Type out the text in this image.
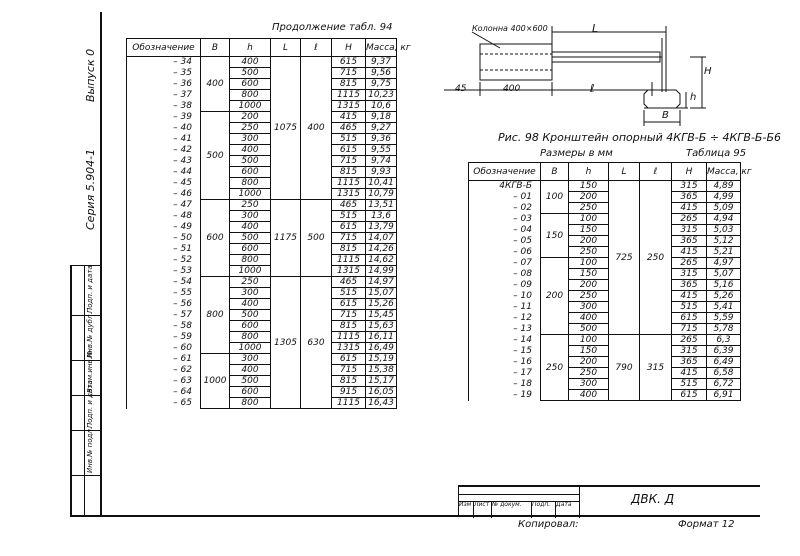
Подп. и дата
Инв.№ дубл.
Взам.инв.№
Подп. и дата
Инв.№ подл.
Серия 5.904-1
Выпуск 0
Продолжение табл. 94
Обозначение	В	h	L	ℓ	Н	Масса, кг
– 34	400	400	1075	400	615	9,37
– 35		500			715	9,56
– 36		600			815	9,75
– 37		800			1115	10,23
– 38		1000			1315	10,6
– 39	500	200			415	9,18
– 40		250			465	9,27
– 41		300			515	9,36
– 42		400			615	9,55
– 43		500			715	9,74
– 44		600			815	9,93
– 45		800			1115	10,41
– 46		1000			1315	10,79
– 47	600	250	1175	500	465	13,51
– 48		300			515	13,6
– 49		400			615	13,79
– 50		500			715	14,07
– 51		600			815	14,26
– 52		800			1115	14,62
– 53		1000			1315	14,99
– 54	800	250	1305	630	465	14,97
– 55		300			515	15,07
– 56		400			615	15,26
– 57		500			715	15,45
– 58		600			815	15,63
– 59		800			1115	16,11
– 60		1000			1315	16,49
– 61	1000	300			615	15,19
– 62		400			715	15,38
– 63		500			815	15,17
– 64		600			915	16,05
– 65		800			1115	16,43
Колонна 400×600
45	400	ℓ
L
Н
h
В
Рис. 98 Кронштейн опорный 4КГВ-Б ÷ 4КГВ-Б-Б6
Размеры в мм	Таблица 95
Обозначение	В	h	L	ℓ	Н	Масса, кг
4КГВ-Б	100	150	725	250	315	4,89
– 01		200			365	4,99
– 02		250			415	5,09
– 03	150	100			265	4,94
– 04		150			315	5,03
– 05		200			365	5,12
– 06		250			415	5,21
– 07	200	100			265	4,97
– 08		150			315	5,07
– 09		200			365	5,16
– 10		250			415	5,26
– 11		300			515	5,41
– 12		400			615	5,59
– 13		500			715	5,78
– 14	250	100	790	315	265	6,3
– 15		150			315	6,39
– 16		200			365	6,49
– 17		250			415	6,58
– 18		300			515	6,72
– 19		400			615	6,91
Изм Лист № докум.	Подп. Дата	ДВК. Д
Копировал:	Формат 12
